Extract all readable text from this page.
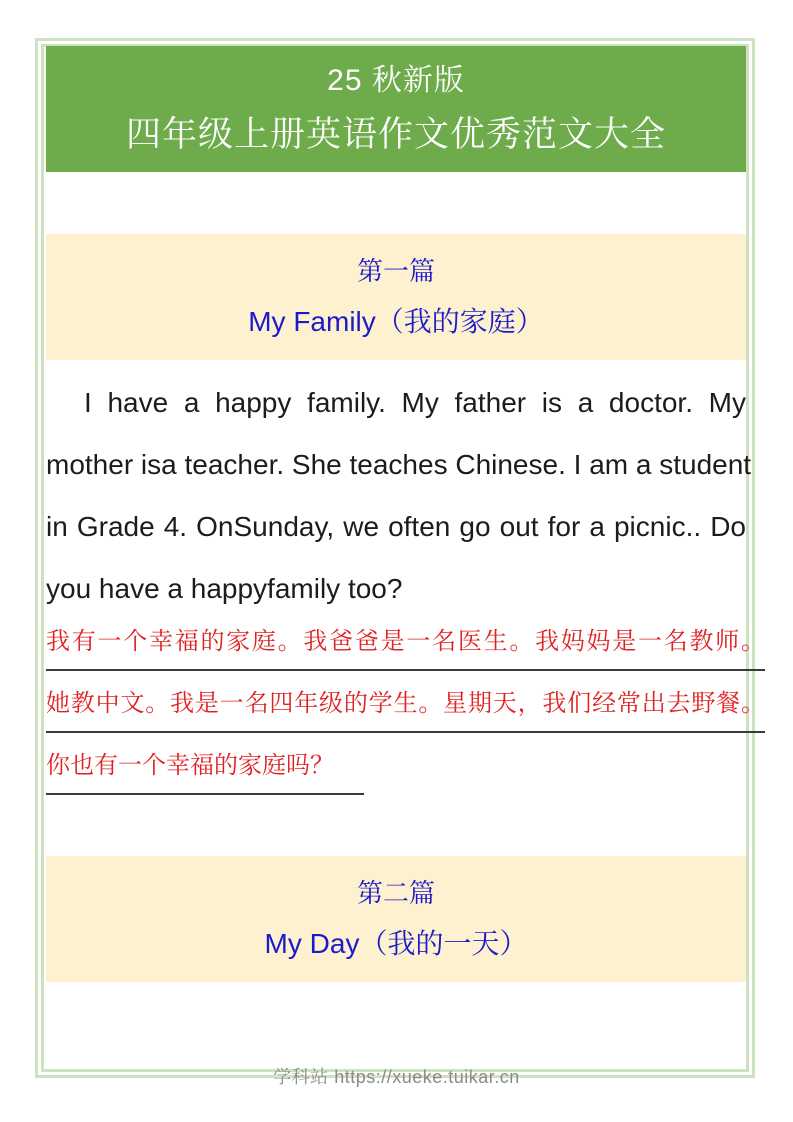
25 秋新版
四年级上册英语作文优秀范文大全
第一篇
My Family（我的家庭）
I have a happy family. My father is a doctor. My
mother isa teacher. She teaches Chinese. I am a student
in Grade 4. OnSunday, we often go out for a picnic.. Do
you have a happyfamily too?
我有一个幸福的家庭。我爸爸是一名医生。我妈妈是一名教师。
她教中文。我是一名四年级的学生。星期天，我们经常出去野餐。
你也有一个幸福的家庭吗？
第二篇
My Day（我的一天）
学科站 https://xueke.tuikar.cn
